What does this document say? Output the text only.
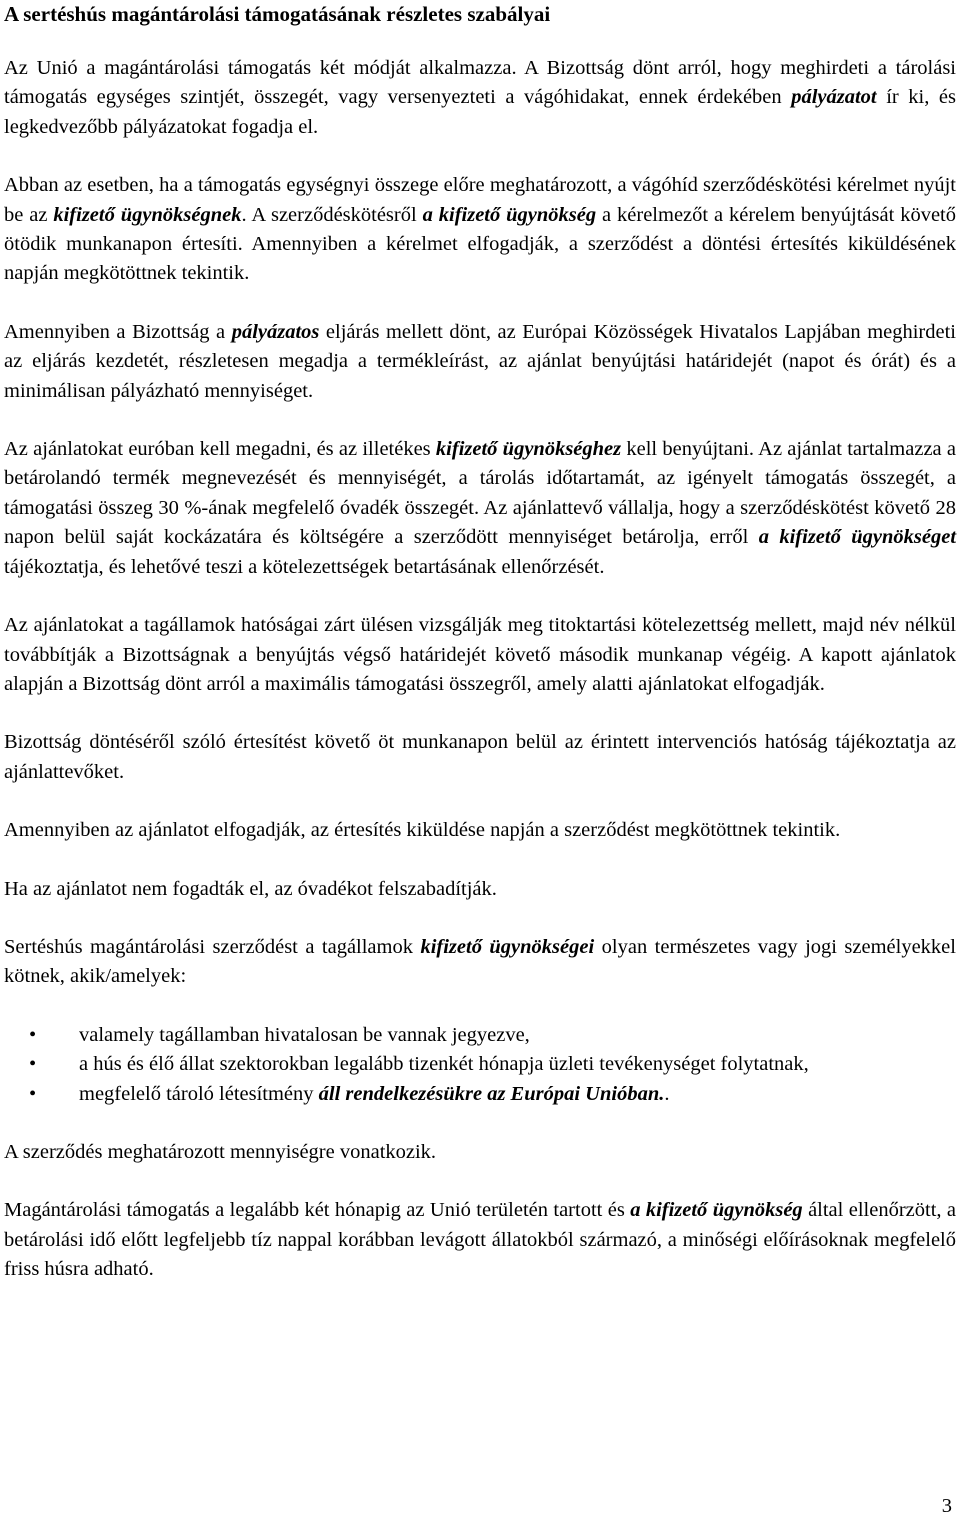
A sertéshús magántárolási támogatásának részletes szabályai

Az Unió a magántárolási támogatás két módját alkalmazza. A Bizottság dönt arról, hogy meghirdeti a tárolási támogatás egységes szintjét, összegét, vagy versenyezteti a vágóhidakat, ennek érdekében pályázatot ír ki, és legkedvezőbb pályázatokat fogadja el.

Abban az esetben, ha a támogatás egységnyi összege előre meghatározott, a vágóhíd szerződéskötési kérelmet nyújt be az kifizető ügynökségnek. A szerződéskötésről a kifizető ügynökség a kérelmezőt a kérelem benyújtását követő ötödik munkanapon értesíti. Amennyiben a kérelmet elfogadják, a szerződést a döntési értesítés kiküldésének napján megkötöttnek tekintik.

Amennyiben a Bizottság a pályázatos eljárás mellett dönt, az Európai Közösségek Hivatalos Lapjában meghirdeti az eljárás kezdetét, részletesen megadja a termékleírást, az ajánlat benyújtási határidejét (napot és órát) és a minimálisan pályázható mennyiséget.

Az ajánlatokat euróban kell megadni, és az illetékes kifizető ügynökséghez kell benyújtani. Az ajánlat tartalmazza a betárolandó termék megnevezését és mennyiségét, a tárolás időtartamát, az igényelt támogatás összegét, a támogatási összeg 30 %-ának megfelelő óvadék összegét. Az ajánlattevő vállalja, hogy a szerződéskötést követő 28 napon belül saját kockázatára és költségére a szerződött mennyiséget betárolja, erről a kifizető ügynökséget tájékoztatja, és lehetővé teszi a kötelezettségek betartásának ellenőrzését.

Az ajánlatokat a tagállamok hatóságai zárt ülésen vizsgálják meg titoktartási kötelezettség mellett, majd név nélkül továbbítják a Bizottságnak a benyújtás végső határidejét követő második munkanap végéig. A kapott ajánlatok alapján a Bizottság dönt arról a maximális támogatási összegről, amely alatti ajánlatokat elfogadják.

Bizottság döntéséről szóló értesítést követő öt munkanapon belül az érintett intervenciós hatóság tájékoztatja az ajánlattevőket.

Amennyiben az ajánlatot elfogadják, az értesítés kiküldése napján a szerződést megkötöttnek tekintik.

Ha az ajánlatot nem fogadták el, az óvadékot felszabadítják.

Sertéshús magántárolási szerződést a tagállamok kifizető ügynökségei olyan természetes vagy jogi személyekkel kötnek, akik/amelyek:

• valamely tagállamban hivatalosan be vannak jegyezve,
• a hús és élő állat szektorokban legalább tizenkét hónapja üzleti tevékenységet folytatnak,
• megfelelő tároló létesítmény áll rendelkezésükre az Európai Unióban..

A szerződés meghatározott mennyiségre vonatkozik.

Magántárolási támogatás a legalább két hónapig az Unió területén tartott és a kifizető ügynökség által ellenőrzött, a betárolási idő előtt legfeljebb tíz nappal korábban levágott állatokból származó, a minőségi előírásoknak megfelelő friss húsra adható.

3
